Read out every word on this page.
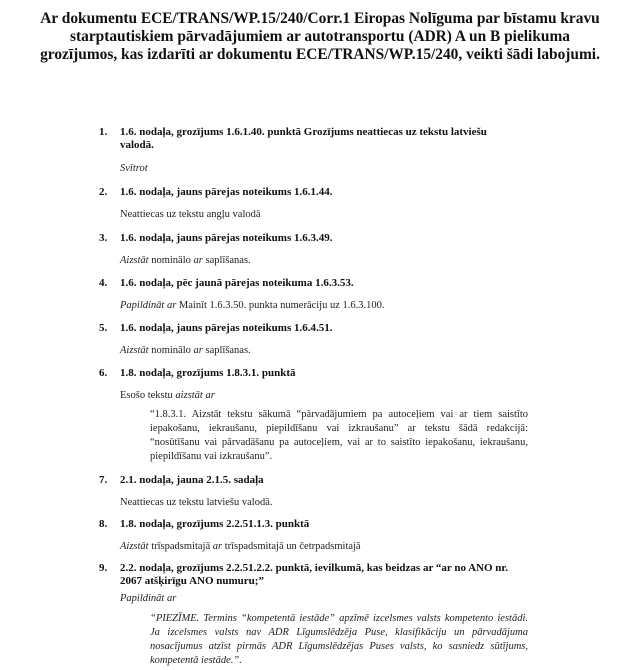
Ar dokumentu ECE/TRANS/WP.15/240/Corr.1 Eiropas Nolīguma par bīstamu kravu starptautiskiem pārvadājumiem ar autotransportu (ADR) A un B pielikuma grozījumos, kas izdarīti ar dokumentu ECE/TRANS/WP.15/240, veikti šādi labojumi.
1. 1.6. nodaļa, grozījums 1.6.1.40. punktā Grozījums neattiecas uz tekstu latviešu valodā.
Svītrot
2. 1.6. nodaļa, jauns pārejas noteikums 1.6.1.44.
Neattiecas uz tekstu angļu valodā
3. 1.6. nodaļa, jauns pārejas noteikums 1.6.3.49.
Aizstāt nominālo ar saplīšanas.
4. 1.6. nodaļa, pēc jaunā pārejas noteikuma 1.6.3.53.
Papildināt ar Mainīt 1.6.3.50. punkta numerāciju uz 1.6.3.100.
5. 1.6. nodaļa, jauns pārejas noteikums 1.6.4.51.
Aizstāt nominālo ar saplīšanas.
6. 1.8. nodaļa, grozījums 1.8.3.1. punktā
Esošo tekstu aizstāt ar
“1.8.3.1. Aizstāt tekstu sākumā “pārvadājumiem pa autoceļiem vai ar tiem saistīto iepakošanu, iekraušanu, piepildīšanu vai izkraušanu” ar tekstu šādā redakcijā: “nosūtīšanu vai pārvadāšanu pa autoceļiem, vai ar to saistīto iepakošanu, iekraušanu, piepildīšanu vai izkraušanu”.
7. 2.1. nodaļa, jauna 2.1.5. sadaļa
Neattiecas uz tekstu latviešu valodā.
8. 1.8. nodaļa, grozījums 2.2.51.1.3. punktā
Aizstāt trīspadsmitajā ar trīspadsmitajā un četrpadsmitajā
9. 2.2. nodaļa, grozījums 2.2.51.2.2. punktā, ievilkumā, kas beidzas ar “ar no ANO nr. 2067 atšķirīgu ANO numuru;”
Papildināt ar
“PIEZĪME. Termins “kompetentā iestāde” apzīmē izcelsmes valsts kompetento iestādi. Ja izcelsmes valsts nav ADR Līgumslēdzēja Puse, klasifikāciju un pārvadājuma nosacījumus atzīst pirmās ADR Līgumslēdzējas Puses valsts, ko sasniedz sūtījums, kompetentā iestāde.”.
